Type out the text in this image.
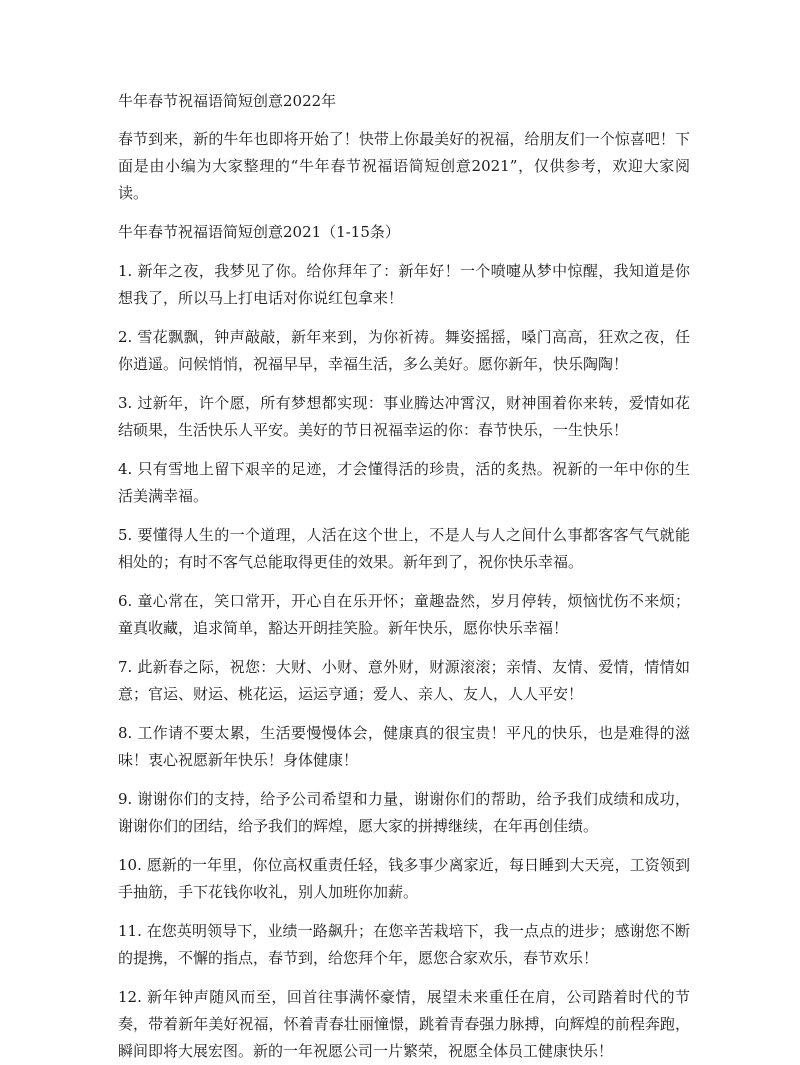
牛年春节祝福语简短创意2022年
春节到来，新的牛年也即将开始了！快带上你最美好的祝福，给朋友们一个惊喜吧！下面是由小编为大家整理的“牛年春节祝福语简短创意2021”，仅供参考，欢迎大家阅读。
牛年春节祝福语简短创意2021（1-15条）
1. 新年之夜，我梦见了你。给你拜年了：新年好！一个喷嚏从梦中惊醒，我知道是你想我了，所以马上打电话对你说红包拿来！
2. 雪花飘飘，钟声敲敲，新年来到，为你祈祷。舞姿摇摇，嗓门高高，狂欢之夜，任你逍遥。问候悄悄，祝福早早，幸福生活，多么美好。愿你新年，快乐陶陶！
3. 过新年，许个愿，所有梦想都实现：事业腾达冲霄汉，财神围着你来转，爱情如花结硕果，生活快乐人平安。美好的节日祝福幸运的你：春节快乐，一生快乐！
4. 只有雪地上留下艰辛的足迹，才会懂得活的珍贵，活的炙热。祝新的一年中你的生活美满幸福。
5. 要懂得人生的一个道理，人活在这个世上，不是人与人之间什么事都客客气气就能相处的；有时不客气总能取得更佳的效果。新年到了，祝你快乐幸福。
6. 童心常在，笑口常开，开心自在乐开怀；童趣盎然，岁月停转，烦恼忧伤不来烦；童真收藏，追求简单，豁达开朗挂笑脸。新年快乐，愿你快乐幸福！
7. 此新春之际，祝您：大财、小财、意外财，财源滚滚；亲情、友情、爱情，情情如意；官运、财运、桃花运，运运亨通；爱人、亲人、友人，人人平安！
8. 工作请不要太累，生活要慢慢体会，健康真的很宝贵！平凡的快乐，也是难得的滋味！衷心祝愿新年快乐！身体健康！
9. 谢谢你们的支持，给予公司希望和力量，谢谢你们的帮助，给予我们成绩和成功，谢谢你们的团结，给予我们的辉煌，愿大家的拼搏继续，在年再创佳绩。
10. 愿新的一年里，你位高权重责任轻，钱多事少离家近，每日睡到大天亮，工资领到手抽筋，手下花钱你收礼，别人加班你加薪。
11. 在您英明领导下，业绩一路飙升；在您辛苦栽培下，我一点点的进步；感谢您不断的提携，不懈的指点，春节到，给您拜个年，愿您合家欢乐，春节欢乐！
12. 新年钟声随风而至，回首往事满怀豪情，展望未来重任在肩，公司踏着时代的节奏，带着新年美好祝福，怀着青春壮丽憧憬，跳着青春强力脉搏，向辉煌的前程奔跑，瞬间即将大展宏图。新的一年祝愿公司一片繁荣，祝愿全体员工健康快乐！
